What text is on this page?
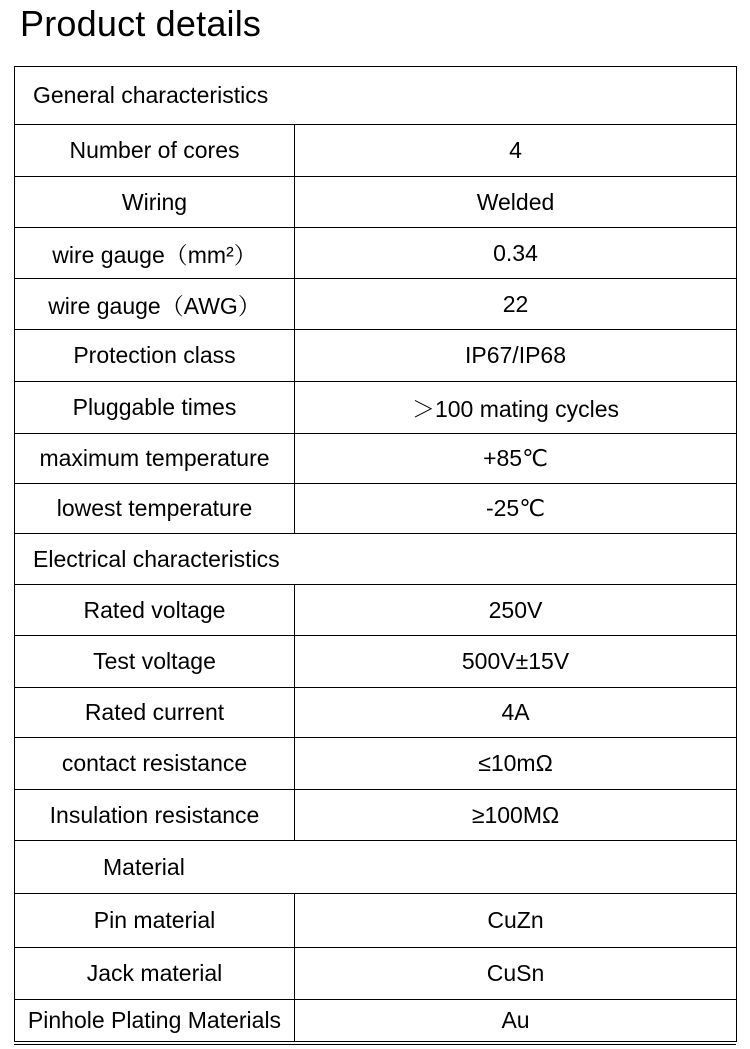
Product details
General characteristics	
Number of cores	4
Wiring	Welded
wire gauge（mm²）	0.34
wire gauge（AWG）	22
Protection class	IP67/IP68
Pluggable times	＞100 mating cycles
maximum temperature	+85℃
lowest temperature	-25℃
Electrical characteristics	
Rated voltage	250V
Test voltage	500V±15V
Rated current	4A
contact resistance	≤10mΩ
Insulation resistance	≥100MΩ
Material	
Pin material	CuZn
Jack material	CuSn
Pinhole Plating Materials	Au
